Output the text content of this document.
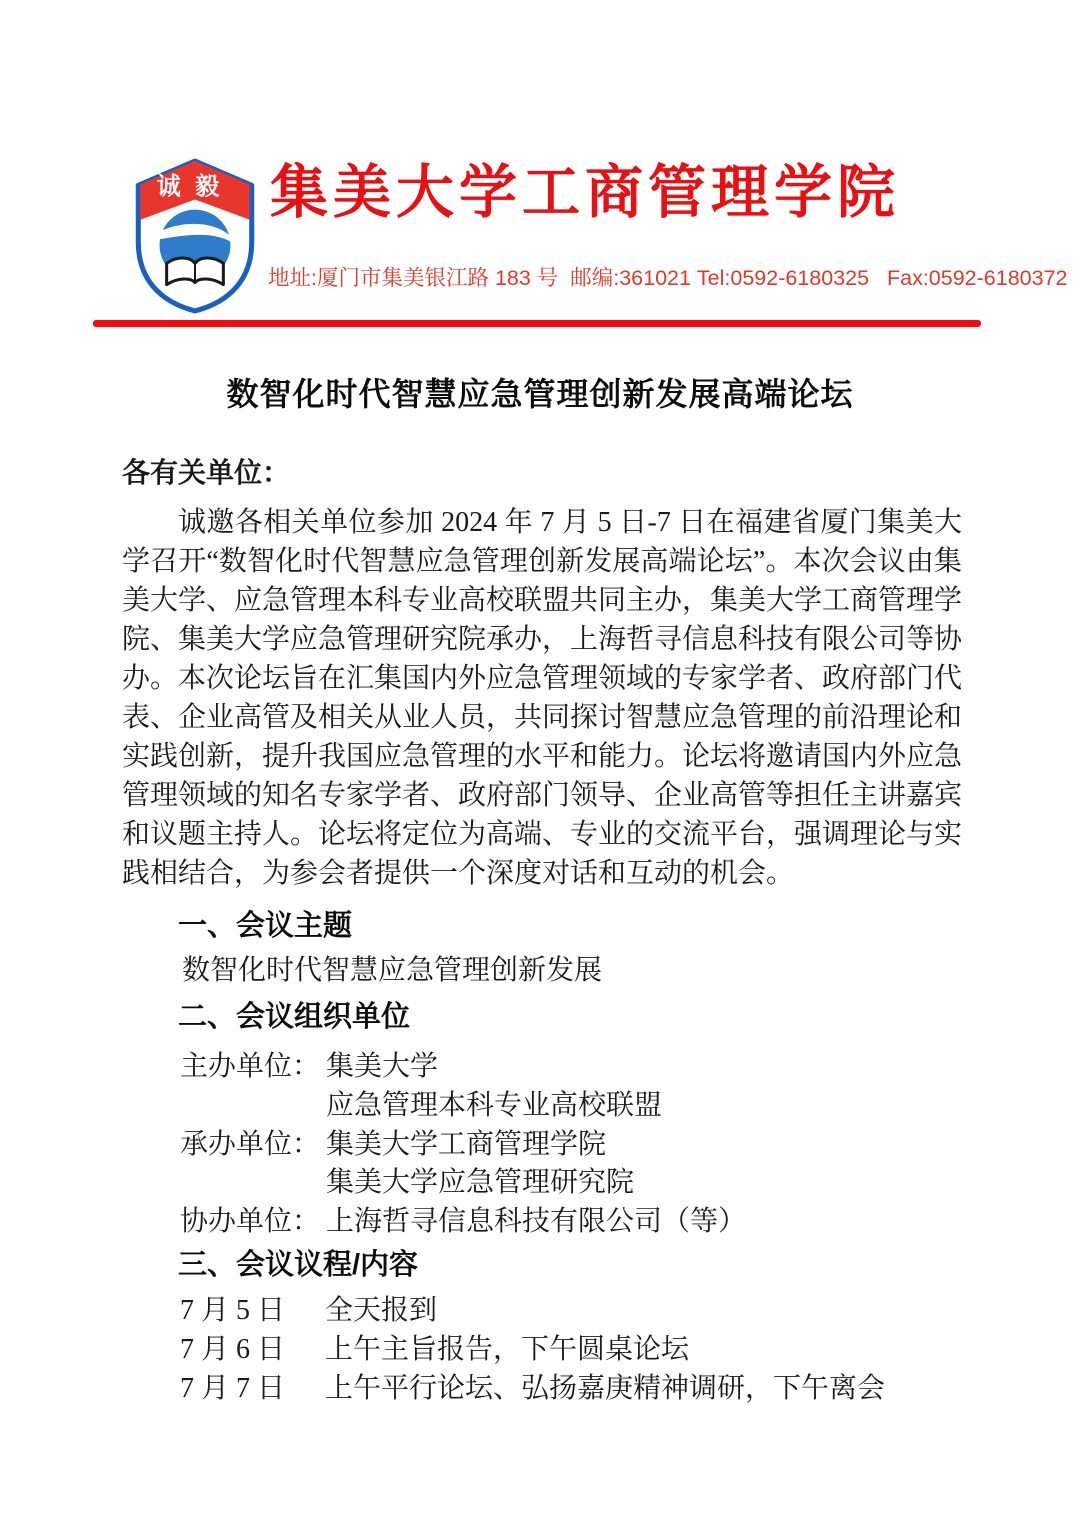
诚毅 集美大学工商管理学院
地址:厦门市集美银江路 183 号  邮编:361021 Tel:0592-6180325   Fax:0592-6180372
数智化时代智慧应急管理创新发展高端论坛
各有关单位：

诚邀各相关单位参加 2024 年 7 月 5 日-7 日在福建省厦门集美大学召开“数智化时代智慧应急管理创新发展高端论坛”。本次会议由集美大学、应急管理本科专业高校联盟共同主办，集美大学工商管理学院、集美大学应急管理研究院承办，上海哲寻信息科技有限公司等协办。本次论坛旨在汇集国内外应急管理领域的专家学者、政府部门代表、企业高管及相关从业人员，共同探讨智慧应急管理的前沿理论和实践创新，提升我国应急管理的水平和能力。论坛将邀请国内外应急管理领域的知名专家学者、政府部门领导、企业高管等担任主讲嘉宾和议题主持人。论坛将定位为高端、专业的交流平台，强调理论与实践相结合，为参会者提供一个深度对话和互动的机会。

一、会议主题
数智化时代智慧应急管理创新发展
二、会议组织单位
主办单位： 集美大学
应急管理本科专业高校联盟
承办单位： 集美大学工商管理学院
集美大学应急管理研究院
协办单位： 上海哲寻信息科技有限公司（等）
三、会议议程/内容
7 月 5 日	全天报到
7 月 6 日	上午主旨报告，下午圆桌论坛
7 月 7 日	上午平行论坛、弘扬嘉庚精神调研，下午离会
